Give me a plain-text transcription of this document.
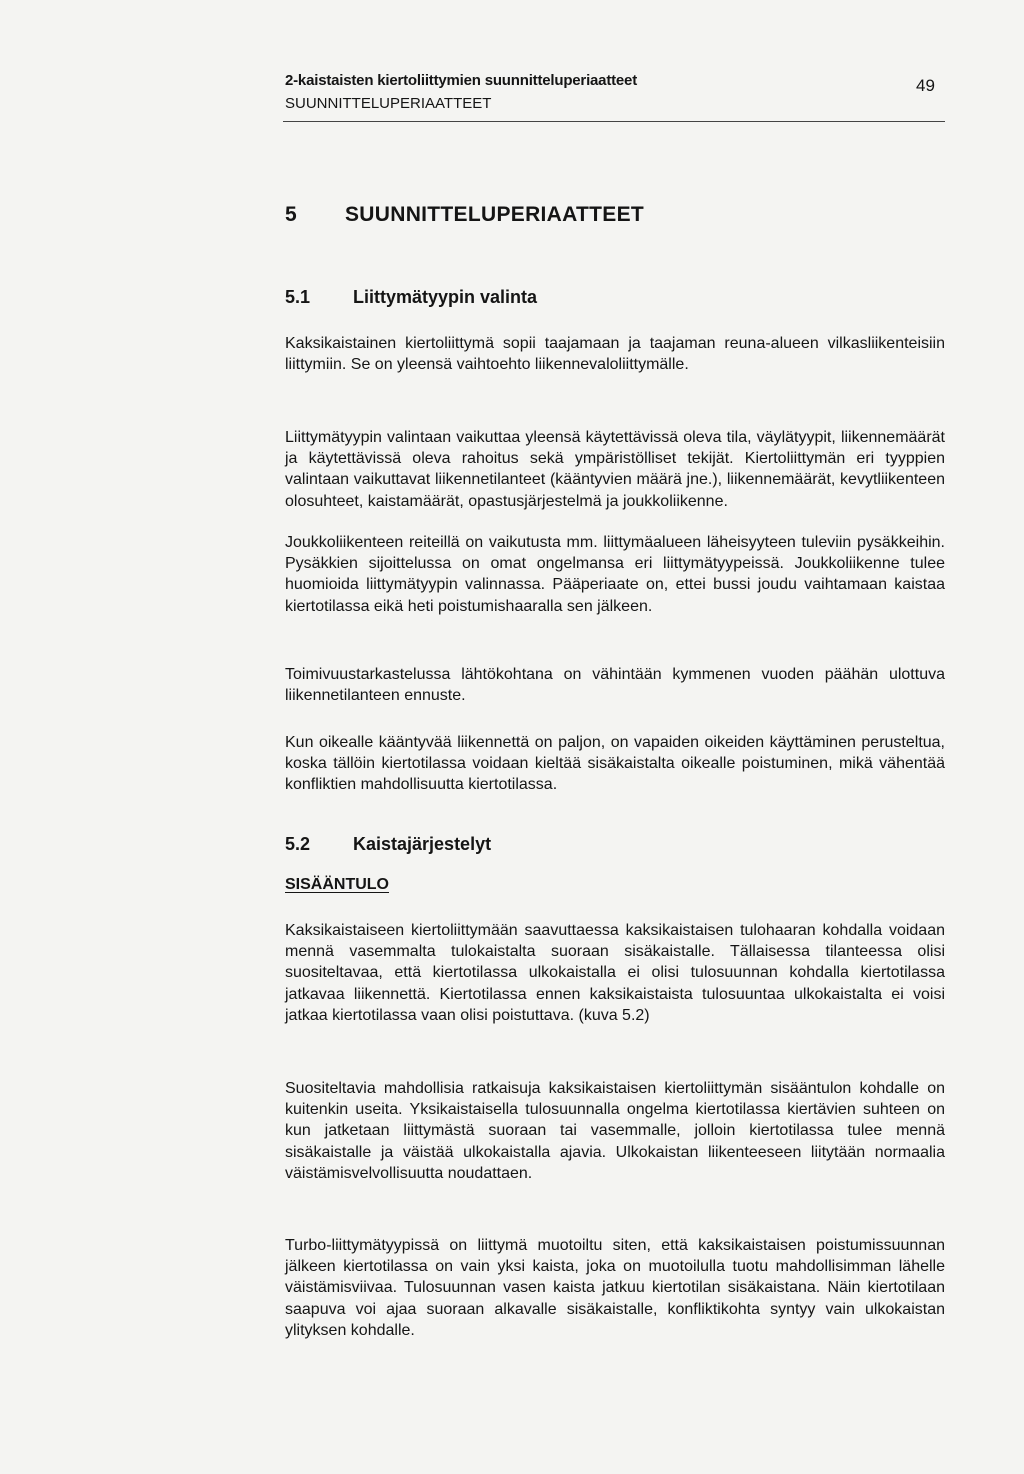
2-kaistaisten kiertoliittymien suunnitteluperiaatteet
SUUNNITTELUPERIAATTEET
49
5 SUUNNITTELUPERIAATTEET
5.1 Liittymätyypin valinta

Kaksikaistainen kiertoliittymä sopii taajamaan ja taajaman reuna-alueen vilkasliikenteisiin liittymiin. Se on yleensä vaihtoehto liikennevaloliittymälle.

Liittymätyypin valintaan vaikuttaa yleensä käytettävissä oleva tila, väylätyypit, liikennemäärät ja käytettävissä oleva rahoitus sekä ympäristölliset tekijät. Kiertoliittymän eri tyyppien valintaan vaikuttavat liikennetilanteet (kääntyvien määrä jne.), liikennemäärät, kevytliikenteen olosuhteet, kaistamäärät, opastusjärjestelmä ja joukkoliikenne.

Joukkoliikenteen reiteillä on vaikutusta mm. liittymäalueen läheisyyteen tuleviin pysäkkeihin. Pysäkkien sijoittelussa on omat ongelmansa eri liittymätyypeissä. Joukkoliikenne tulee huomioida liittymätyypin valinnassa. Pääperiaate on, ettei bussi joudu vaihtamaan kaistaa kiertotilassa eikä heti poistumishaaralla sen jälkeen.

Toimivuustarkastelussa lähtökohtana on vähintään kymmenen vuoden päähän ulottuva liikennetilanteen ennuste.

Kun oikealle kääntyvää liikennettä on paljon, on vapaiden oikeiden käyttäminen perusteltua, koska tällöin kiertotilassa voidaan kieltää sisäkaistalta oikealle poistuminen, mikä vähentää konfliktien mahdollisuutta kiertotilassa.

5.2 Kaistajärjestelyt
SISÄÄNTULO

Kaksikaistaiseen kiertoliittymään saavuttaessa kaksikaistaisen tulohaaran kohdalla voidaan mennä vasemmalta tulokaistalta suoraan sisäkaistalle. Tällaisessa tilanteessa olisi suositeltavaa, että kiertotilassa ulkokaistalla ei olisi tulosuunnan kohdalla kiertotilassa jatkavaa liikennettä. Kiertotilassa ennen kaksikaistaista tulosuuntaa ulkokaistalta ei voisi jatkaa kiertotilassa vaan olisi poistuttava. (kuva 5.2)

Suositeltavia mahdollisia ratkaisuja kaksikaistaisen kiertoliittymän sisääntulon kohdalle on kuitenkin useita. Yksikaistaisella tulosuunnalla ongelma kiertotilassa kiertävien suhteen on kun jatketaan liittymästä suoraan tai vasemmalle, jolloin kiertotilassa tulee mennä sisäkaistalle ja väistää ulkokaistalla ajavia. Ulkokaistan liikenteeseen liitytään normaalia väistämisvelvollisuutta noudattaen.

Turbo-liittymätyypissä on liittymä muotoiltu siten, että kaksikaistaisen poistumissuunnan jälkeen kiertotilassa on vain yksi kaista, joka on muotoilulla tuotu mahdollisimman lähelle väistämisviivaa. Tulosuunnan vasen kaista jatkuu kiertotilan sisäkaistana. Näin kiertotilaan saapuva voi ajaa suoraan alkavalle sisäkaistalle, konfliktikohta syntyy vain ulkokaistan ylityksen kohdalle.
